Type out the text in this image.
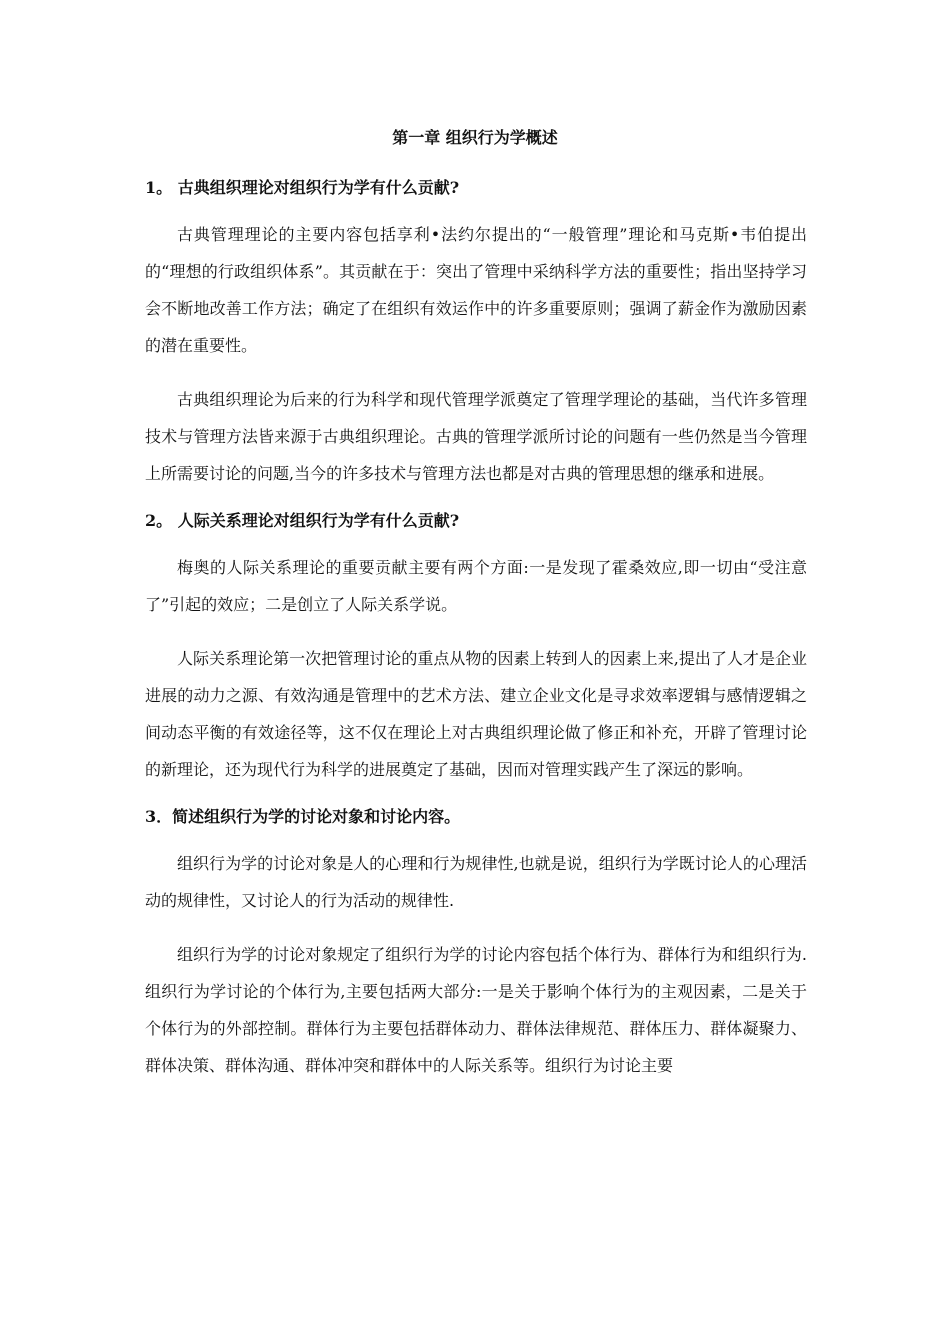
第一章 组织行为学概述

1。 古典组织理论对组织行为学有什么贡献?

古典管理理论的主要内容包括享利•法约尔提出的“一般管理”理论和马克斯•韦伯提出的“理想的行政组织体系”。其贡献在于：突出了管理中采纳科学方法的重要性；指出坚持学习会不断地改善工作方法；确定了在组织有效运作中的许多重要原则；强调了薪金作为激励因素的潜在重要性。

古典组织理论为后来的行为科学和现代管理学派奠定了管理学理论的基础，当代许多管理技术与管理方法皆来源于古典组织理论。古典的管理学派所讨论的问题有一些仍然是当今管理上所需要讨论的问题,当今的许多技术与管理方法也都是对古典的管理思想的继承和进展。

2。 人际关系理论对组织行为学有什么贡献?

梅奥的人际关系理论的重要贡献主要有两个方面:一是发现了霍桑效应,即一切由“受注意了”引起的效应；二是创立了人际关系学说。

人际关系理论第一次把管理讨论的重点从物的因素上转到人的因素上来,提出了人才是企业进展的动力之源、有效沟通是管理中的艺术方法、建立企业文化是寻求效率逻辑与感情逻辑之间动态平衡的有效途径等，这不仅在理论上对古典组织理论做了修正和补充，开辟了管理讨论的新理论，还为现代行为科学的进展奠定了基础，因而对管理实践产生了深远的影响。

3．简述组织行为学的讨论对象和讨论内容。

组织行为学的讨论对象是人的心理和行为规律性,也就是说，组织行为学既讨论人的心理活动的规律性，又讨论人的行为活动的规律性.

组织行为学的讨论对象规定了组织行为学的讨论内容包括个体行为、群体行为和组织行为.组织行为学讨论的个体行为,主要包括两大部分:一是关于影响个体行为的主观因素，二是关于个体行为的外部控制。群体行为主要包括群体动力、群体法律规范、群体压力、群体凝聚力、群体决策、群体沟通、群体冲突和群体中的人际关系等。组织行为讨论主要
